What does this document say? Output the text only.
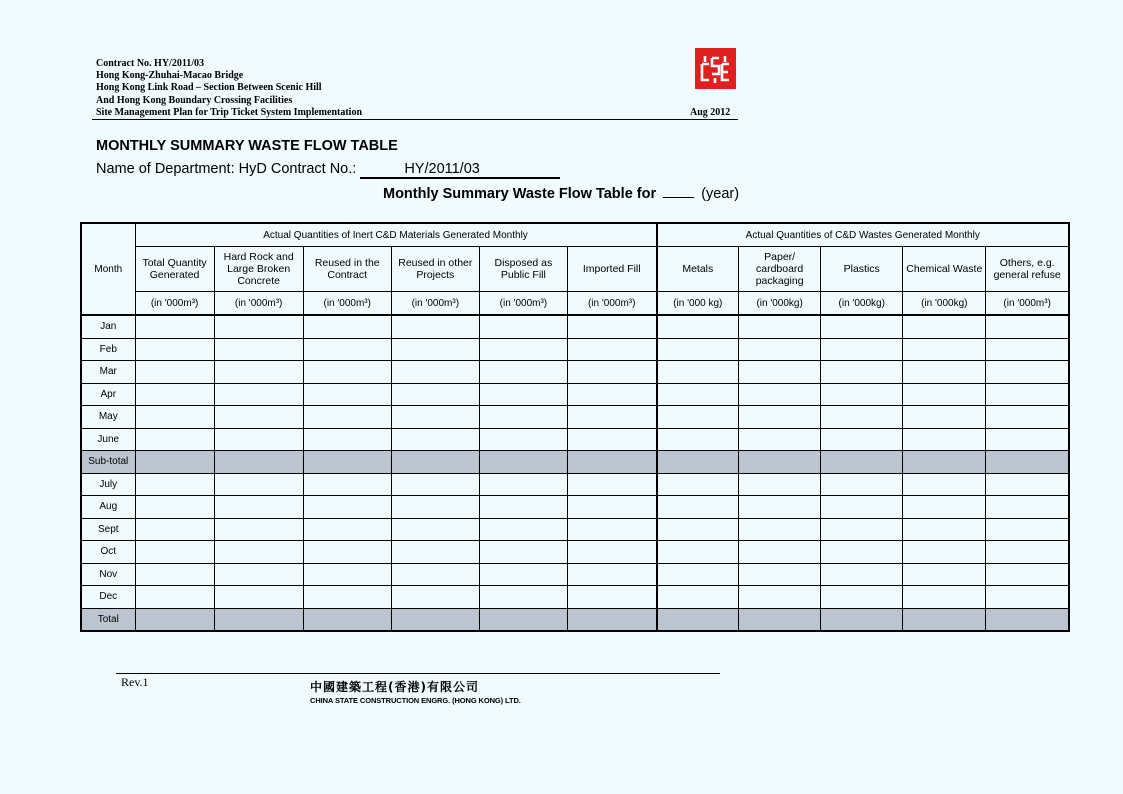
Contract No. HY/2011/03
Hong Kong-Zhuhai-Macao Bridge
Hong Kong Link Road – Section Between Scenic Hill
And Hong Kong Boundary Crossing Facilities
Site Management Plan for Trip Ticket System Implementation	Aug 2012
MONTHLY SUMMARY WASTE FLOW TABLE
Name of Department: HyD Contract No.:	HY/2011/03
Monthly Summary Waste Flow Table for	(year)
Month	Actual Quantities of Inert C&D Materials Generated Monthly						Actual Quantities of C&D Wastes Generated Monthly				
	Total Quantity Generated	Hard Rock and Large Broken Concrete	Reused in the Contract	Reused in other Projects	Disposed as Public Fill	Imported Fill	Metals	Paper/ cardboard packaging	Plastics	Chemical Waste	Others, e.g. general refuse
	(in '000m³)	(in '000m³)	(in '000m³)	(in '000m³)	(in '000m³)	(in '000m³)	(in '000 kg)	(in '000kg)	(in '000kg)	(in '000kg)	(in '000m³)
Jan											
Feb											
Mar											
Apr											
May											
June											
Sub-total											
July											
Aug											
Sept											
Oct											
Nov											
Dec											
Total											
Rev.1	中國建築工程(香港)有限公司
CHINA STATE CONSTRUCTION ENGRG. (HONG KONG) LTD.
